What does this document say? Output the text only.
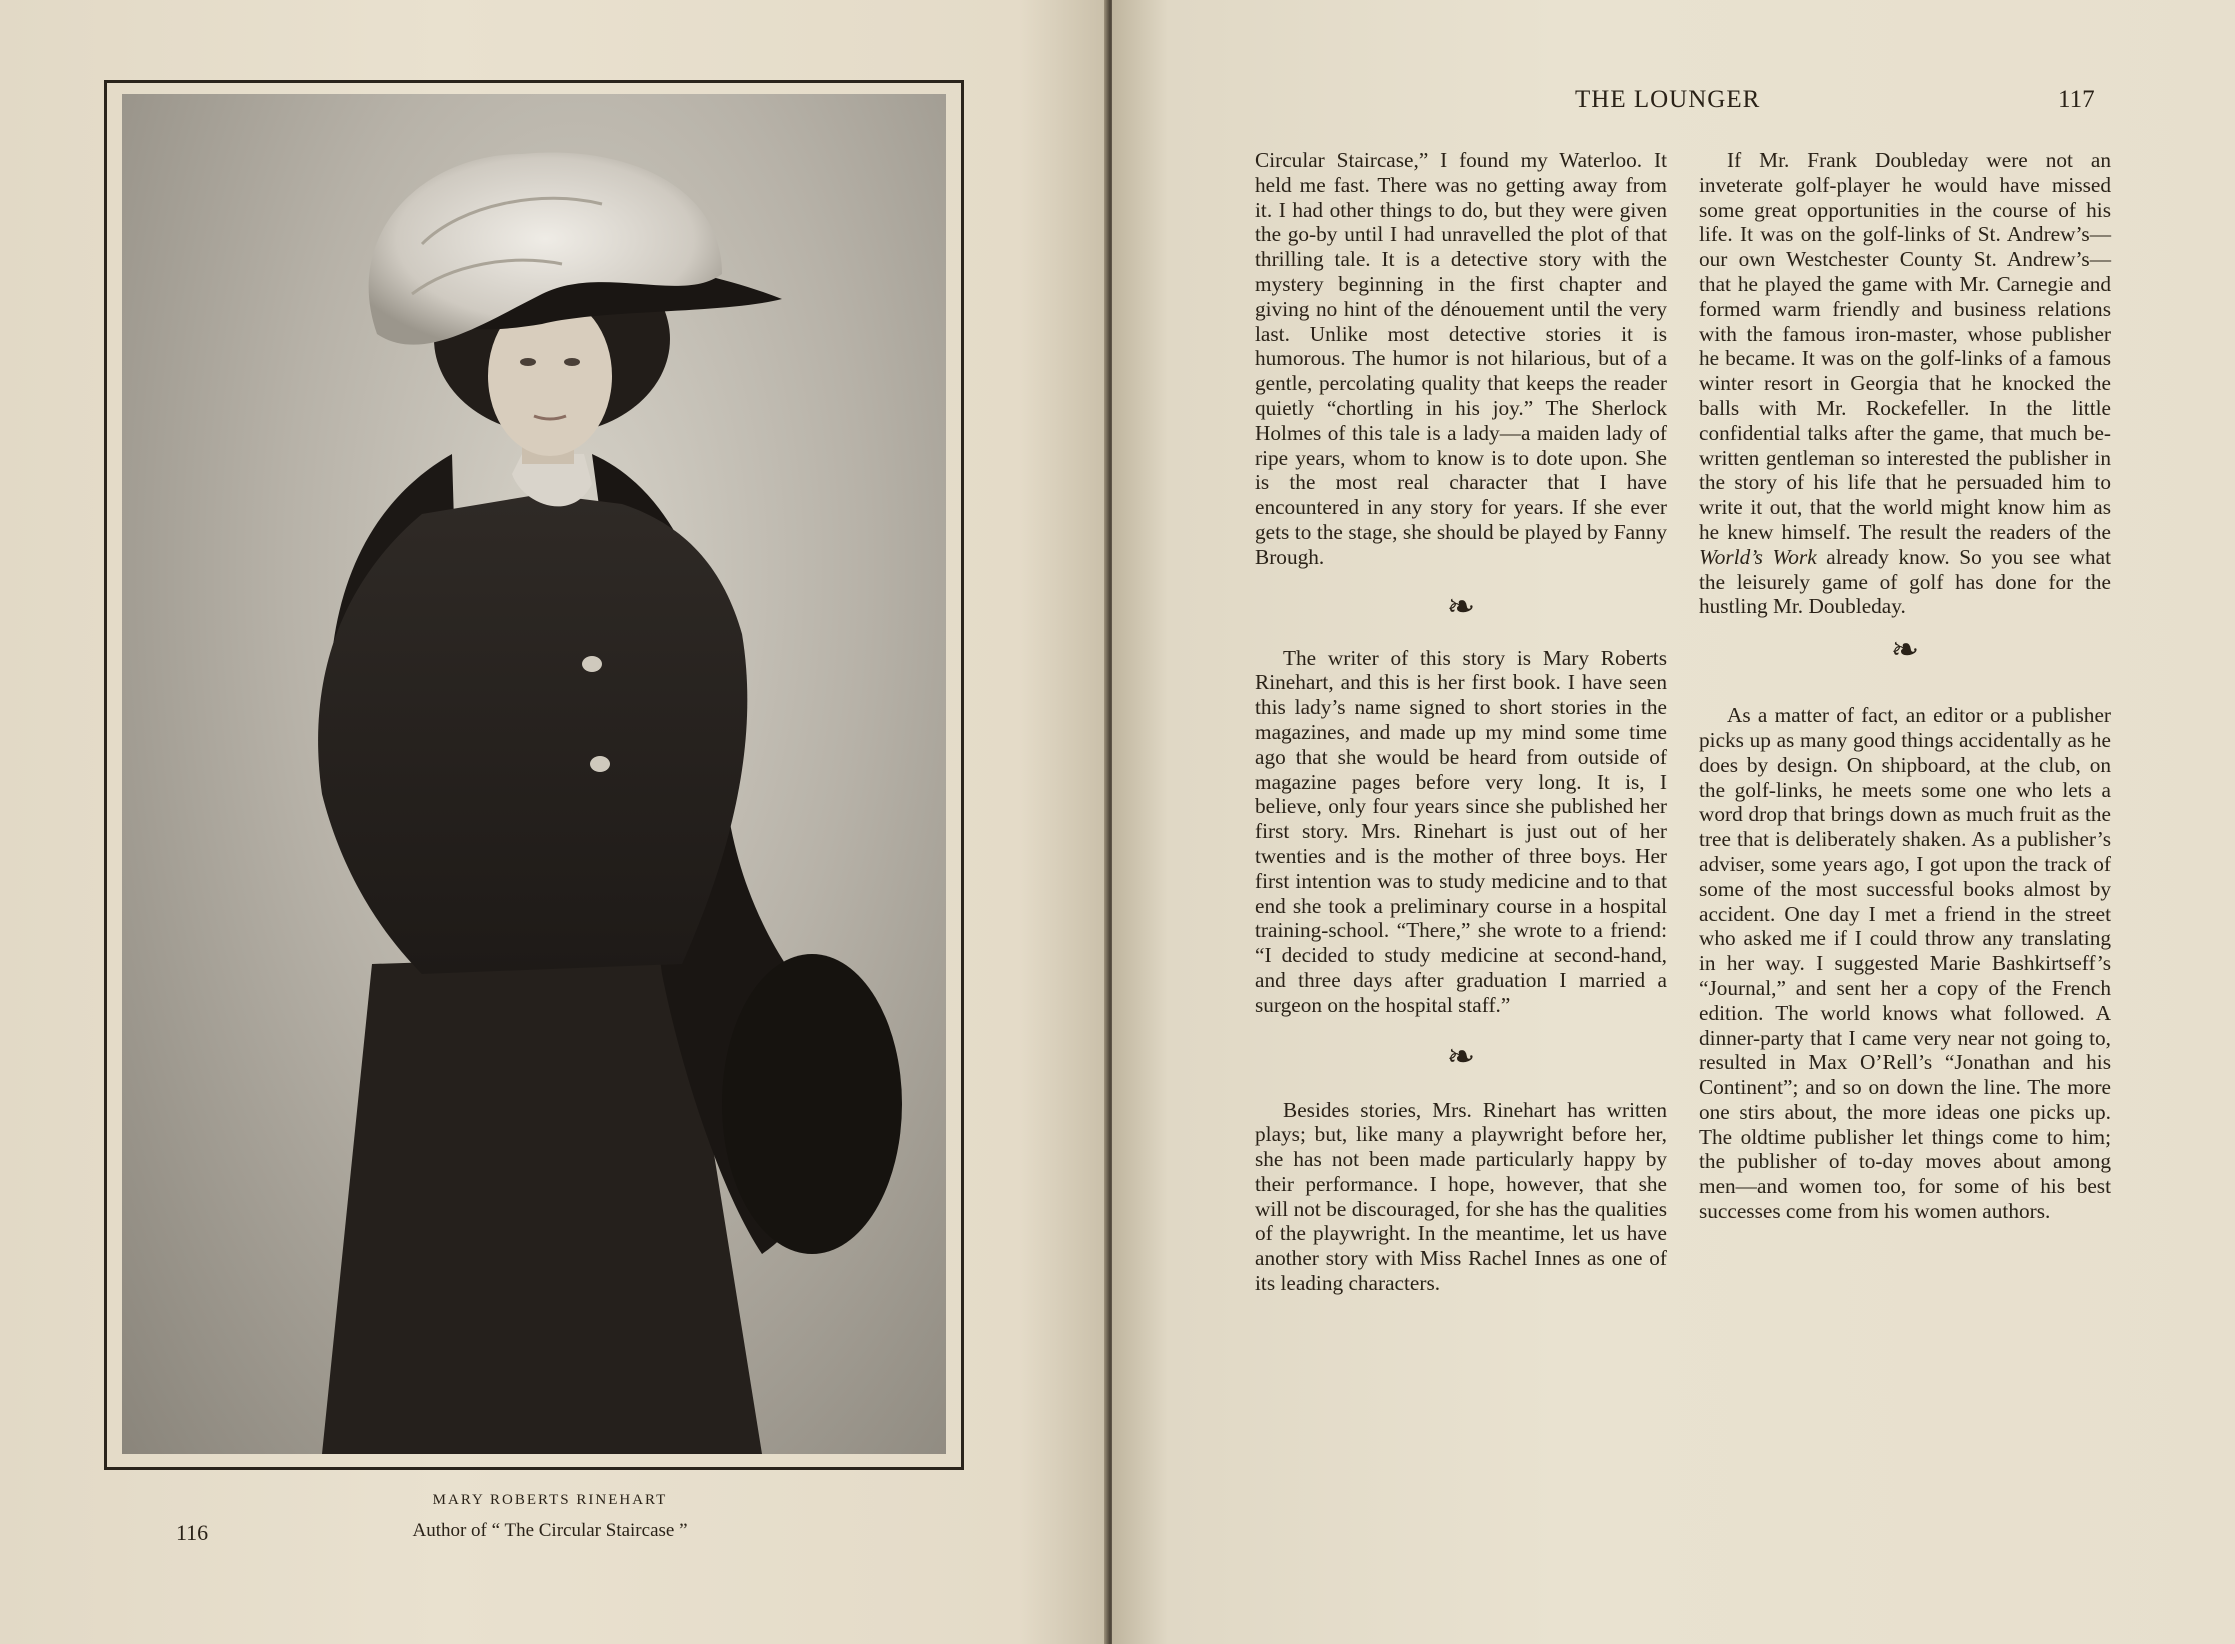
MARY ROBERTS RINEHART
Author of “ The Circular Staircase ”
116
THE LOUNGER	117

Circular Staircase,” I found my Waterloo. It held me fast. There was no getting away from it. I had other things to do, but they were given the go-by until I had unravelled the plot of that thrilling tale. It is a detective story with the mystery beginning in the first chapter and giving no hint of the dénouement until the very last. Unlike most detective stories it is humorous. The humor is not hilarious, but of a gentle, percolating quality that keeps the reader quietly “chortling in his joy.” The Sherlock Holmes of this tale is a lady—a maiden lady of ripe years, whom to know is to dote upon. She is the most real character that I have encountered in any story for years. If she ever gets to the stage, she should be played by Fanny Brough.

❧

The writer of this story is Mary Roberts Rinehart, and this is her first book. I have seen this lady’s name signed to short stories in the magazines, and made up my mind some time ago that she would be heard from outside of magazine pages before very long. It is, I believe, only four years since she published her first story. Mrs. Rinehart is just out of her twenties and is the mother of three boys. Her first intention was to study medicine and to that end she took a preliminary course in a hospital training-school. “There,” she wrote to a friend: “I decided to study medicine at second-hand, and three days after graduation I married a surgeon on the hospital staff.”

❧

Besides stories, Mrs. Rinehart has written plays; but, like many a playwright before her, she has not been made particularly happy by their performance. I hope, however, that she will not be discouraged, for she has the qualities of the playwright. In the meantime, let us have another story with Miss Rachel Innes as one of its leading characters.

If Mr. Frank Doubleday were not an inveterate golf-player he would have missed some great opportunities in the course of his life. It was on the golf-links of St. Andrew’s—our own Westchester County St. Andrew’s—that he played the game with Mr. Carnegie and formed warm friendly and business relations with the famous iron-master, whose publisher he became. It was on the golf-links of a famous winter resort in Georgia that he knocked the balls with Mr. Rockefeller. In the little confidential talks after the game, that much be-written gentleman so interested the publisher in the story of his life that he persuaded him to write it out, that the world might know him as he knew himself. The result the readers of the World’s Work already know. So you see what the leisurely game of golf has done for the hustling Mr. Doubleday.

❧

As a matter of fact, an editor or a publisher picks up as many good things accidentally as he does by design. On shipboard, at the club, on the golf-links, he meets some one who lets a word drop that brings down as much fruit as the tree that is deliberately shaken. As a publisher’s adviser, some years ago, I got upon the track of some of the most successful books almost by accident. One day I met a friend in the street who asked me if I could throw any translating in her way. I suggested Marie Bashkirtseff’s “Journal,” and sent her a copy of the French edition. The world knows what followed. A dinner-party that I came very near not going to, resulted in Max O’Rell’s “Jonathan and his Continent”; and so on down the line. The more one stirs about, the more ideas one picks up. The oldtime publisher let things come to him; the publisher of to-day moves about among men—and women too, for some of his best successes come from his women authors.
